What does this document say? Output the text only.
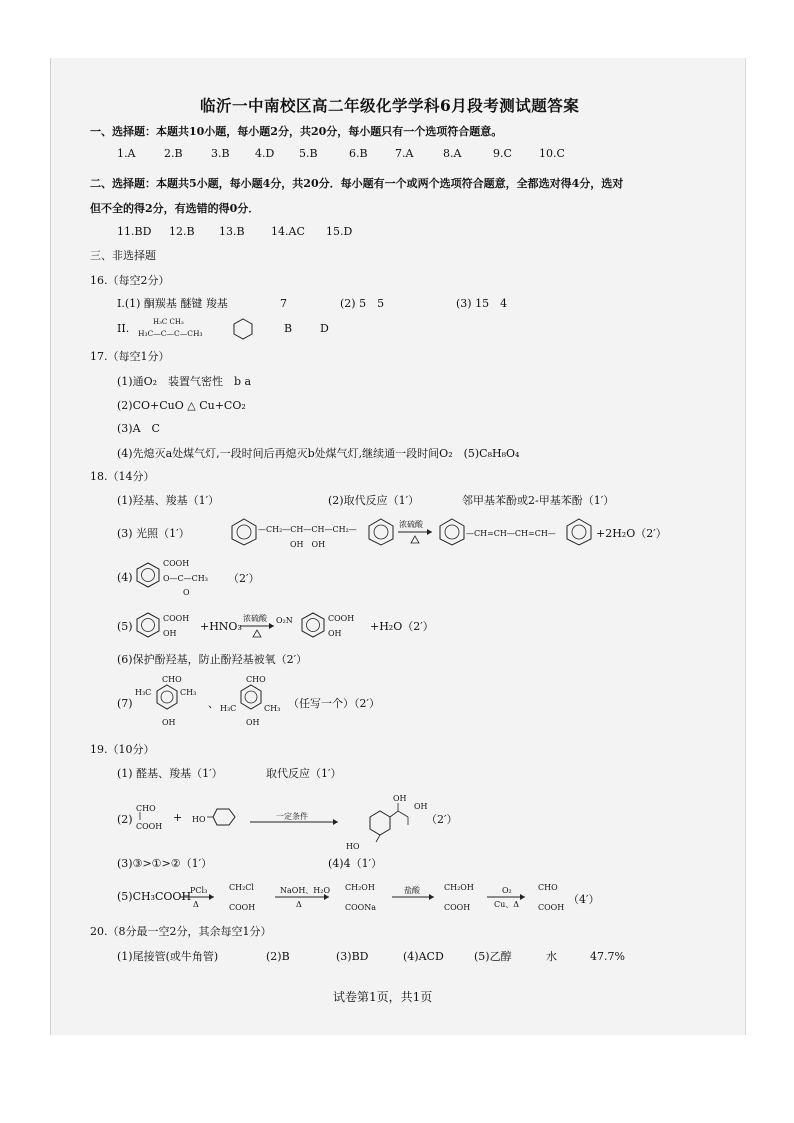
临沂一中南校区高二年级化学学科6月段考测试题答案
一、选择题：本题共10小题，每小题2分，共20分，每小题只有一个选项符合题意。
1.A	2.B	3.B 4.D 5.B	6.B 7.A	8.A	9.C 10.C
二、选择题：本题共5小题，每小题4分，共20分．每小题有一个或两个选项符合题意，全都选对得4分，选对
但不全的得2分，有选错的得0分．
11.BD 12.B 13.B 14.AC 15.D
三、非选择题
16.（每空2分）
I.(1) 酮羰基 醚键 羧基	7	(2) 5　5	(3) 15　4
II.	H₃C CH₃
H₃C—C—C—CH₃	B	D
17.（每空1分）
(1)通O₂　装置气密性　b a
(2)CO+CuO △ Cu+CO₂
(3)A　C
(4)先熄灭a处煤气灯,一段时间后再熄灭b处煤气灯,继续通一段时间O₂　(5)C₈H₈O₄
18.（14分）
(1)羟基、羧基（1′）	(2)取代反应（1′）	邻甲基苯酚或2-甲基苯酚（1′）
(3) 光照（1′）	—CH₂—CH—CH—CH₂—
OH　OH
浓硫酸
—CH=CH—CH=CH—	+2H₂O（2′）
(4)
COOH
O—C—CH₃
O
（2′）
(5)
COOH
OH
+HNO₃
浓硫酸 O₂N	COOH
OH
+H₂O（2′）
(6)保护酚羟基，防止酚羟基被氧（2′）
(7)
CHO
H₃C	CH₃
OH
、
CHO
H₃C	CH₃
OH
（任写一个）（2′）
19.（10分）
(1) 醛基、羧基（1′）	取代反应（1′）
(2)
CHO
COOH
+ HO	一定条件
OH
OH
HO
（2′）
(3)③>①>②（1′）	(4)4（1′）
(5)CH₃COOH
PCl₃
Δ
CH₂Cl
COOH
NaOH、H₂O
Δ
CH₂OH
COONa
盐酸	CH₂OH
COOH
O₂
Cu、Δ
CHO
COOH
（4′）
20.（8分最一空2分，其余每空1分）
(1)尾接管(或牛角管)	(2)B	(3)BD	(4)ACD	(5)乙醇	水	47.7%
试卷第1页，共1页
